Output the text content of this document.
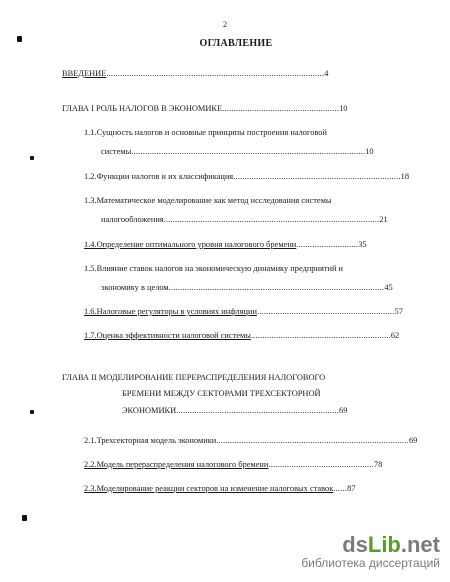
2
ОГЛАВЛЕНИЕ
ВВЕДЕНИЕ...............................................................................................4
ГЛАВА I РОЛЬ НАЛОГОВ В ЭКОНОМИКЕ...................................................10
1.1.Сущность налогов и основные принципы построения налоговой
системы......................................................................................................10
1.2.Функции налогов и их классификация.........................................................................18
1.3.Математическое моделирование как метод исследования системы
налогообложения..............................................................................................21
1.4.Определение оптимального уровня налогового бремени...........................35
1.5.Влияние ставок налогов на экономическую динамику предприятий и
экономику в целом..............................................................................................45
1.6.Налоговые регуляторы в условиях инфляции............................................................57
1.7.Оценка эффективности налоговой системы.............................................................62
ГЛАВА II МОДЕЛИРОВАНИЕ ПЕРЕРАСПРЕДЕЛЕНИЯ НАЛОГОВОГО
БРЕМЕНИ МЕЖДУ СЕКТОРАМИ ТРЕХСЕКТОРНОЙ
ЭКОНОМИКИ.......................................................................69
2.1.Трехсекторная модель экономики....................................................................................69
2.2.Модель перераспределения налогового бремени..............................................78
2.3.Моделирование реакции секторов на изменение налоговых ставок......87
dsLib.net
библиотека диссертаций
